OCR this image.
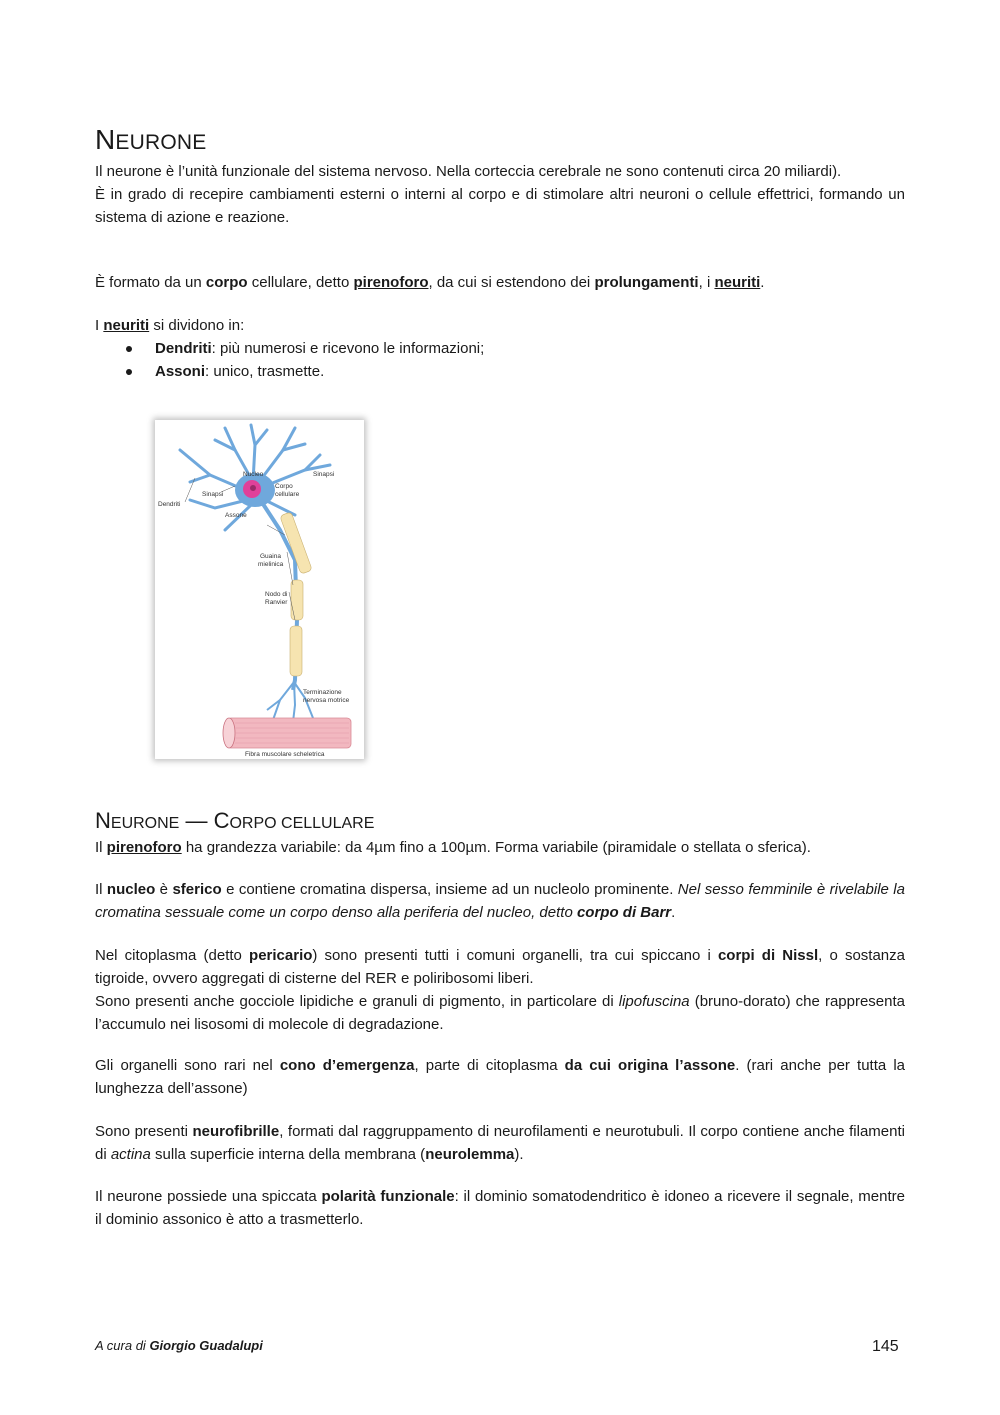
NEURONE

Il neurone è l’unità funzionale del sistema nervoso. Nella corteccia cerebrale ne sono contenuti circa 20 miliardi).

È in grado di recepire cambiamenti esterni o interni al corpo e di stimolare altri neuroni o cellule effettrici, formando un sistema di azione e reazione.

È formato da un corpo cellulare, detto pirenoforo, da cui si estendono dei prolungamenti, i neuriti.

I neuriti si dividono in:

Dendriti: più numerosi e ricevono le informazioni;
Assoni: unico, trasmette.
Nucleo	Sinapsi
Corpo
cellulare
Sinapsi
Dendriti
Assone
Guaina
mielinica
Nodo di
Ranvier
Terminazione
nervosa motrice
Fibra muscolare scheletrica
NEURONE — CORPO CELLULARE

Il pirenoforo ha grandezza variabile: da 4µm fino a 100µm. Forma variabile (piramidale o stellata o sferica).

Il nucleo è sferico e contiene cromatina dispersa, insieme ad un nucleolo prominente. Nel sesso femminile è rivelabile la cromatina sessuale come un corpo denso alla periferia del nucleo, detto corpo di Barr.

Nel citoplasma (detto pericario) sono presenti tutti i comuni organelli, tra cui spiccano i corpi di Nissl, o sostanza tigroide, ovvero aggregati di cisterne del RER e poliribosomi liberi.

Sono presenti anche gocciole lipidiche e granuli di pigmento, in particolare di lipofuscina (bruno-dorato) che rappresenta l’accumulo nei lisosomi di molecole di degradazione.

Gli organelli sono rari nel cono d’emergenza, parte di citoplasma da cui origina l’assone. (rari anche per tutta la lunghezza dell’assone)

Sono presenti neurofibrille, formati dal raggruppamento di neurofilamenti e neurotubuli. Il corpo contiene anche filamenti di actina sulla superficie interna della membrana (neurolemma).

Il neurone possiede una spiccata polarità funzionale: il dominio somatodendritico è idoneo a ricevere il segnale, mentre il dominio assonico è atto a trasmetterlo.

A cura di Giorgio Guadalupi	145
